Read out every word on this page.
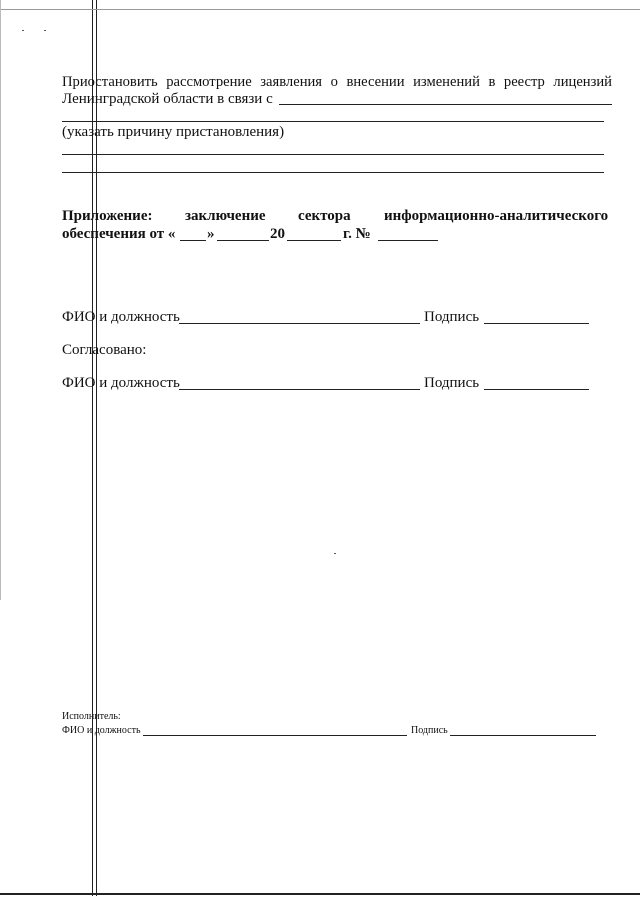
Приостановить рассмотрение заявления о внесении изменений в реестр лицензий
Ленинградской области в связи с
(указать причину пристановления)
Приложение: заключение сектора информационно-аналитического
обеспечения от « »	20	г. №
ФИО и должность	Подпись
Согласовано:
ФИО и должность	Подпись
Исполнитель:
ФИО и должность	Подпись
